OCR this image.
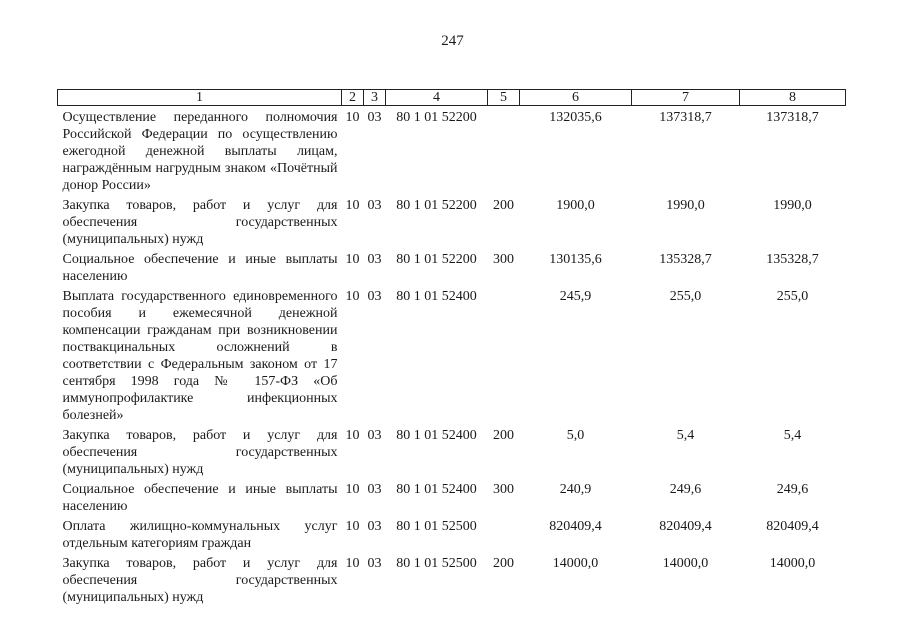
247
1	2	3	4	5	6	7	8
Осуществление переданного полномочия Российской Федерации по осуществлению ежегодной денежной выплаты лицам, награждённым нагрудным знаком «Почётный донор России»	10	03	80 1 01 52200		132035,6	137318,7	137318,7
Закупка товаров, работ и услуг для обеспечения государственных (муниципальных) нужд	10	03	80 1 01 52200	200	1900,0	1990,0	1990,0
Социальное обеспечение и иные выплаты населению	10	03	80 1 01 52200	300	130135,6	135328,7	135328,7
Выплата государственного единовременного пособия и ежемесячной денежной компенсации гражданам при возникновении поствакцинальных осложнений в соответствии с Федеральным законом от 17 сентября 1998 года № 157-ФЗ «Об иммунопрофилактике инфекционных болезней»	10	03	80 1 01 52400		245,9	255,0	255,0
Закупка товаров, работ и услуг для обеспечения государственных (муниципальных) нужд	10	03	80 1 01 52400	200	5,0	5,4	5,4
Социальное обеспечение и иные выплаты населению	10	03	80 1 01 52400	300	240,9	249,6	249,6
Оплата жилищно-коммунальных услуг отдельным категориям граждан	10	03	80 1 01 52500		820409,4	820409,4	820409,4
Закупка товаров, работ и услуг для обеспечения государственных (муниципальных) нужд	10	03	80 1 01 52500	200	14000,0	14000,0	14000,0
